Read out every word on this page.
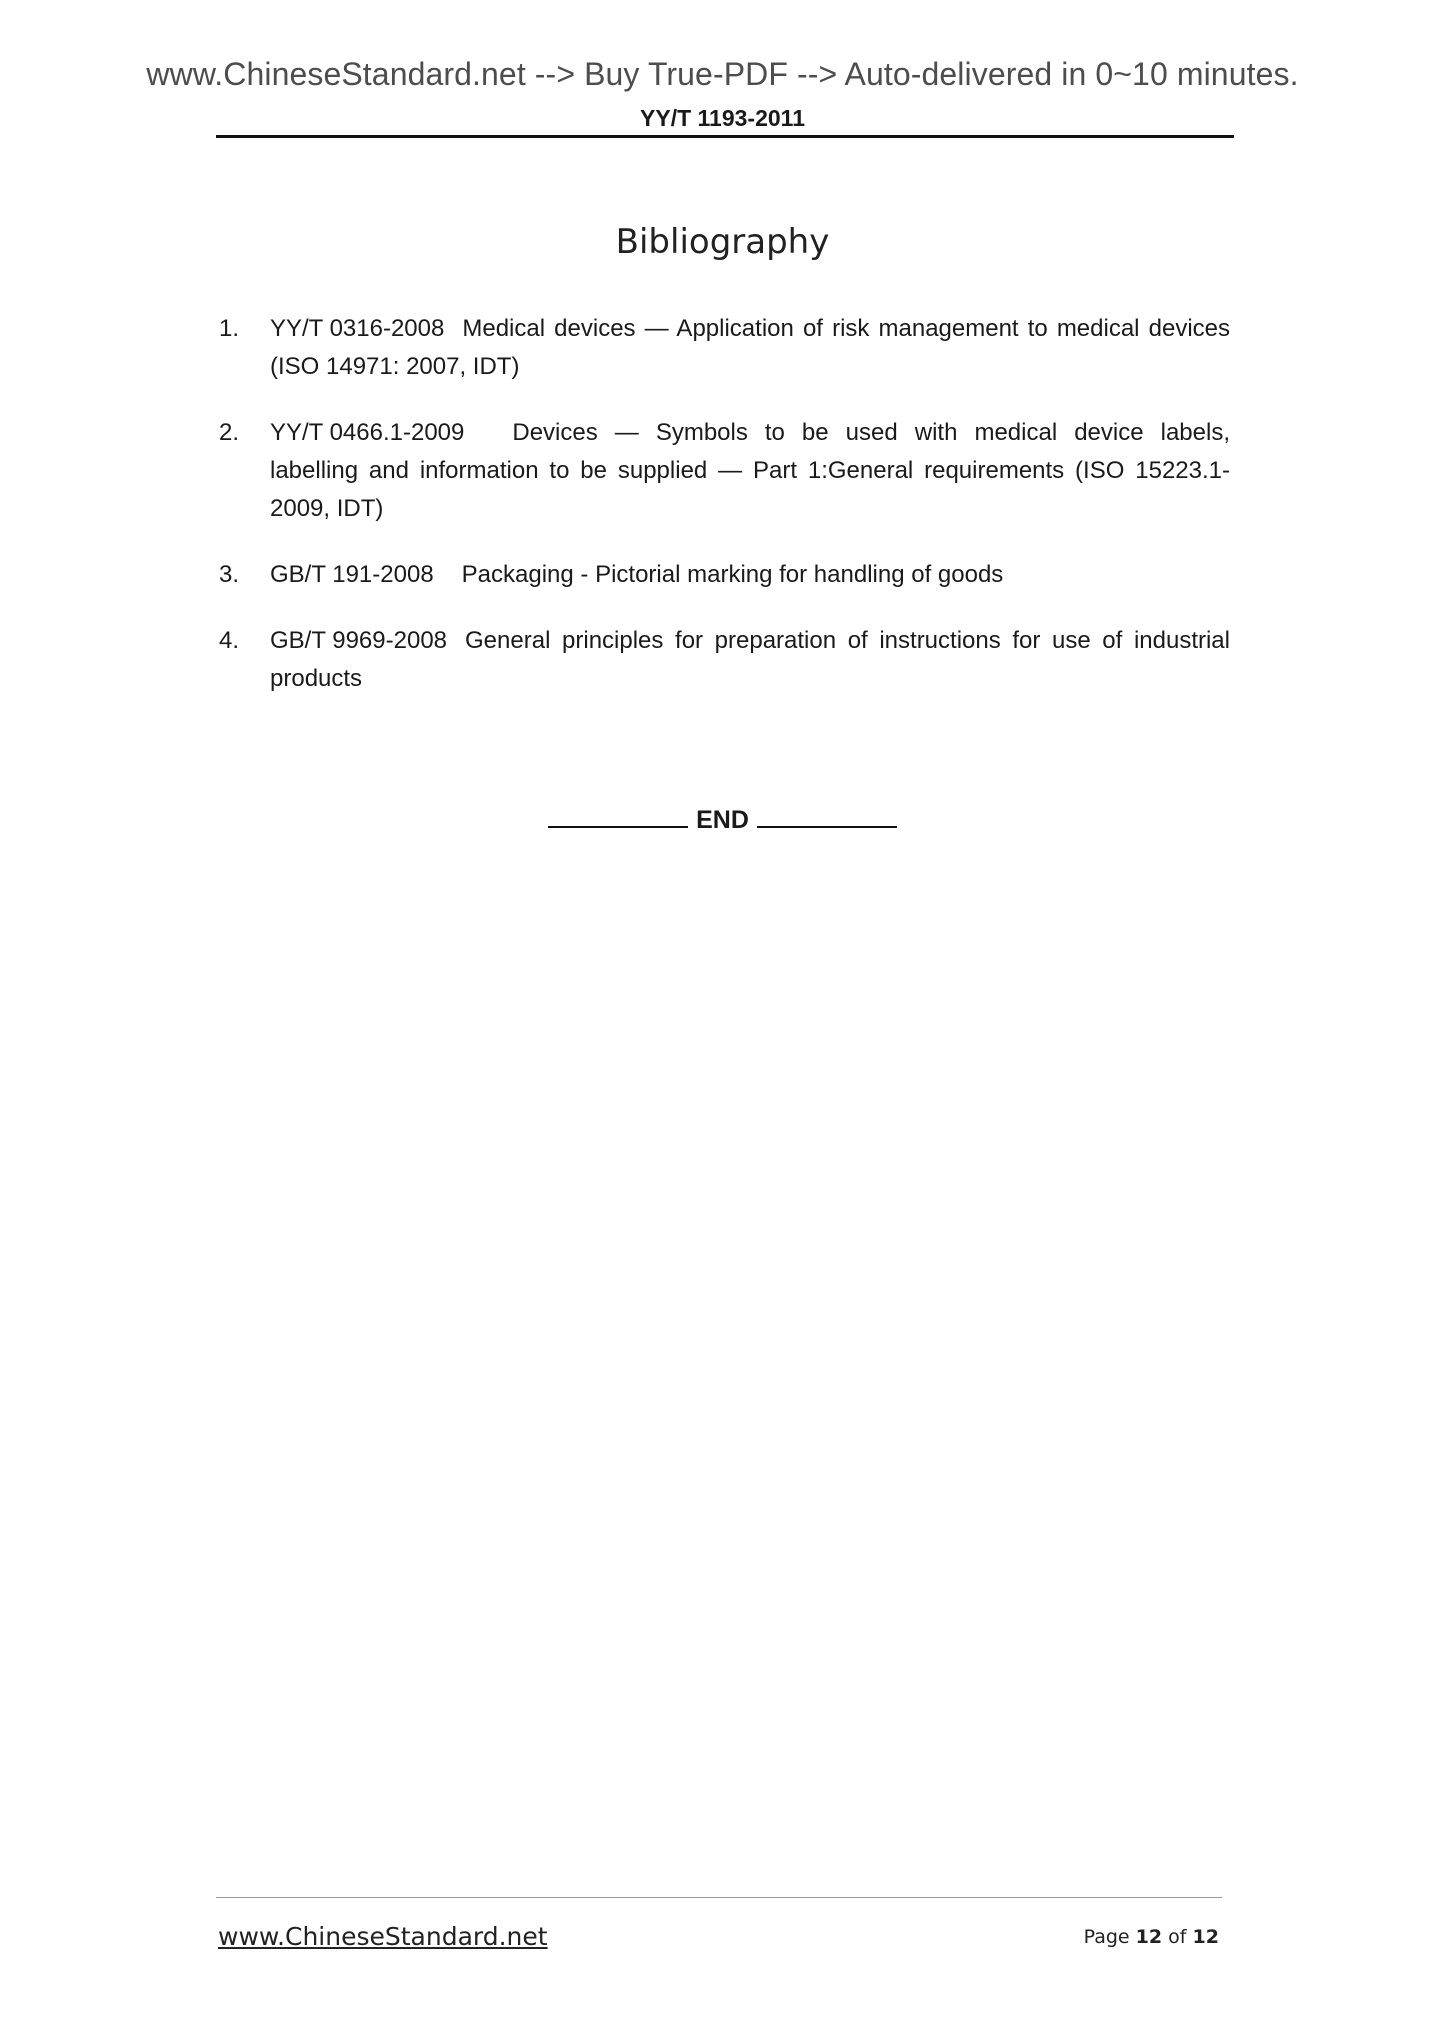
www.ChineseStandard.net --> Buy True-PDF --> Auto-delivered in 0~10 minutes.
YY/T 1193-2011
Bibliography
1. YY/T 0316-2008 Medical devices — Application of risk management to medical devices (ISO 14971: 2007, IDT)
2. YY/T 0466.1-2009 Devices — Symbols to be used with medical device labels, labelling and information to be supplied — Part 1:General requirements (ISO 15223.1-2009, IDT)
3. GB/T 191-2008 Packaging - Pictorial marking for handling of goods
4. GB/T 9969-2008 General principles for preparation of instructions for use of industrial products
END
www.ChineseStandard.net	Page 12 of 12
